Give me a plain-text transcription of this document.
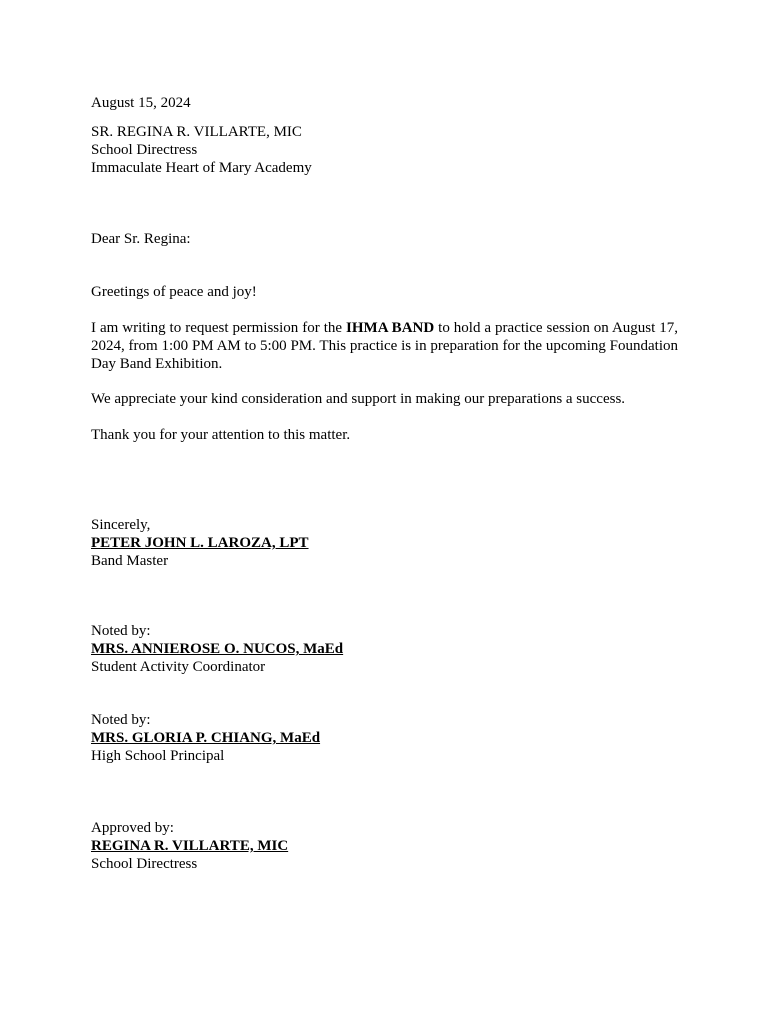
August 15, 2024
SR. REGINA R. VILLARTE, MIC
School Directress
Immaculate Heart of Mary Academy
Dear Sr. Regina:
Greetings of peace and joy!
I am writing to request permission for the IHMA BAND to hold a practice session on August 17, 2024, from 1:00 PM AM to 5:00 PM. This practice is in preparation for the upcoming Foundation Day Band Exhibition.
We appreciate your kind consideration and support in making our preparations a success.
Thank you for your attention to this matter.
Sincerely,
PETER JOHN L. LAROZA, LPT
Band Master
Noted by:
MRS. ANNIEROSE O. NUCOS, MaEd
Student Activity Coordinator
Noted by:
MRS. GLORIA P. CHIANG, MaEd
High School Principal
Approved by:
REGINA R. VILLARTE, MIC
School Directress
